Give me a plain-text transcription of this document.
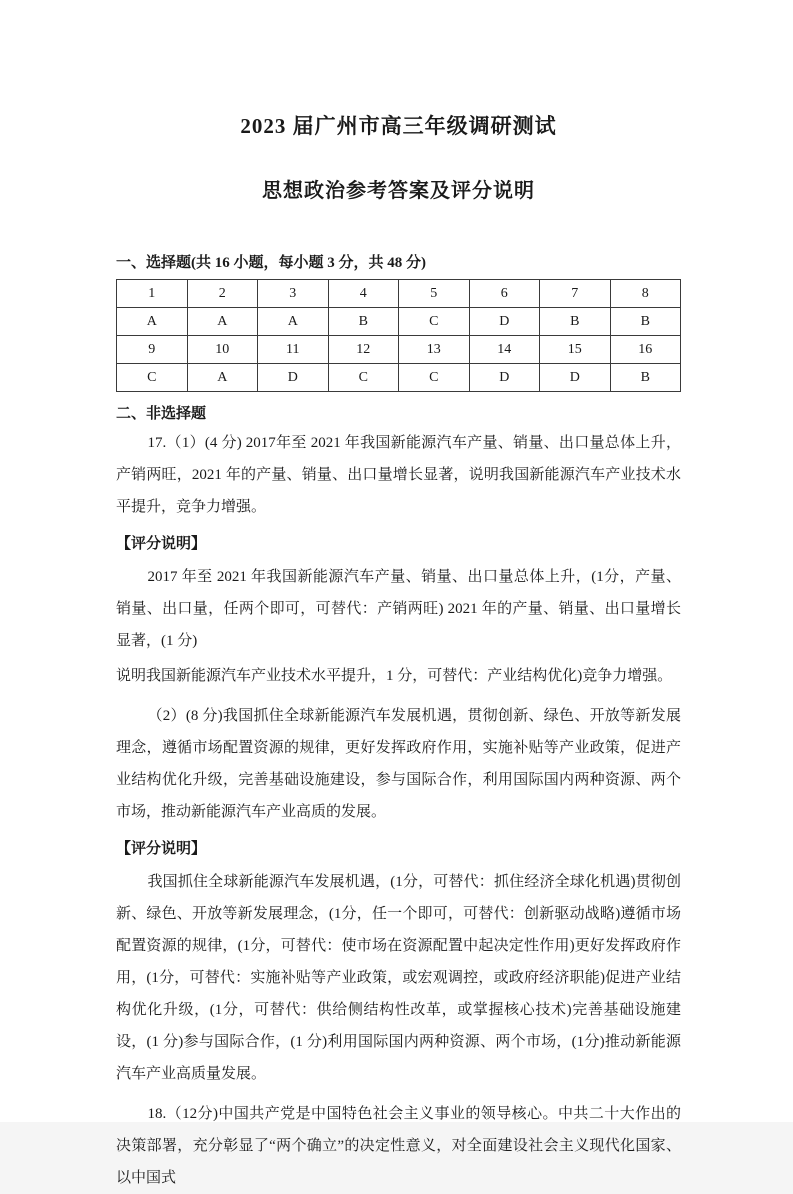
2023 届广州市高三年级调研测试
思想政治参考答案及评分说明

一、选择题(共 16 小题，每小题 3 分，共 48 分)

1	2	3	4	5	6	7	8
A	A	A	B	C	D	B	B
9	10	11	12	13	14	15	16
C	A	D	C	C	D	D	B

二、非选择题

17.（1）(4 分) 2017年至 2021 年我国新能源汽车产量、销量、出口量总体上升，产销两旺，2021 年的产量、销量、出口量增长显著，说明我国新能源汽车产业技术水平提升，竞争力增强。

【评分说明】

2017 年至 2021 年我国新能源汽车产量、销量、出口量总体上升，(1分，产量、销量、出口量，任两个即可，可替代：产销两旺) 2021 年的产量、销量、出口量增长显著，(1 分)

说明我国新能源汽车产业技术水平提升，1 分，可替代：产业结构优化)竞争力增强。

（2）(8 分)我国抓住全球新能源汽车发展机遇，贯彻创新、绿色、开放等新发展理念，遵循市场配置资源的规律，更好发挥政府作用，实施补贴等产业政策，促进产业结构优化升级，完善基础设施建设，参与国际合作，利用国际国内两种资源、两个市场，推动新能源汽车产业高质的发展。

【评分说明】

我国抓住全球新能源汽车发展机遇，(1分，可替代：抓住经济全球化机遇)贯彻创新、绿色、开放等新发展理念，(1分，任一个即可，可替代：创新驱动战略)遵循市场配置资源的规律，(1分，可替代：使市场在资源配置中起决定性作用)更好发挥政府作用，(1分，可替代：实施补贴等产业政策，或宏观调控，或政府经济职能)促进产业结构优化升级，(1分，可替代：供给侧结构性改革，或掌握核心技术)完善基础设施建设，(1 分)参与国际合作，(1 分)利用国际国内两种资源、两个市场，(1分)推动新能源汽车产业高质量发展。

18.（12分)中国共产党是中国特色社会主义事业的领导核心。中共二十大作出的决策部署，充分彰显了“两个确立”的决定性意义，对全面建设社会主义现代化国家、以中国式
